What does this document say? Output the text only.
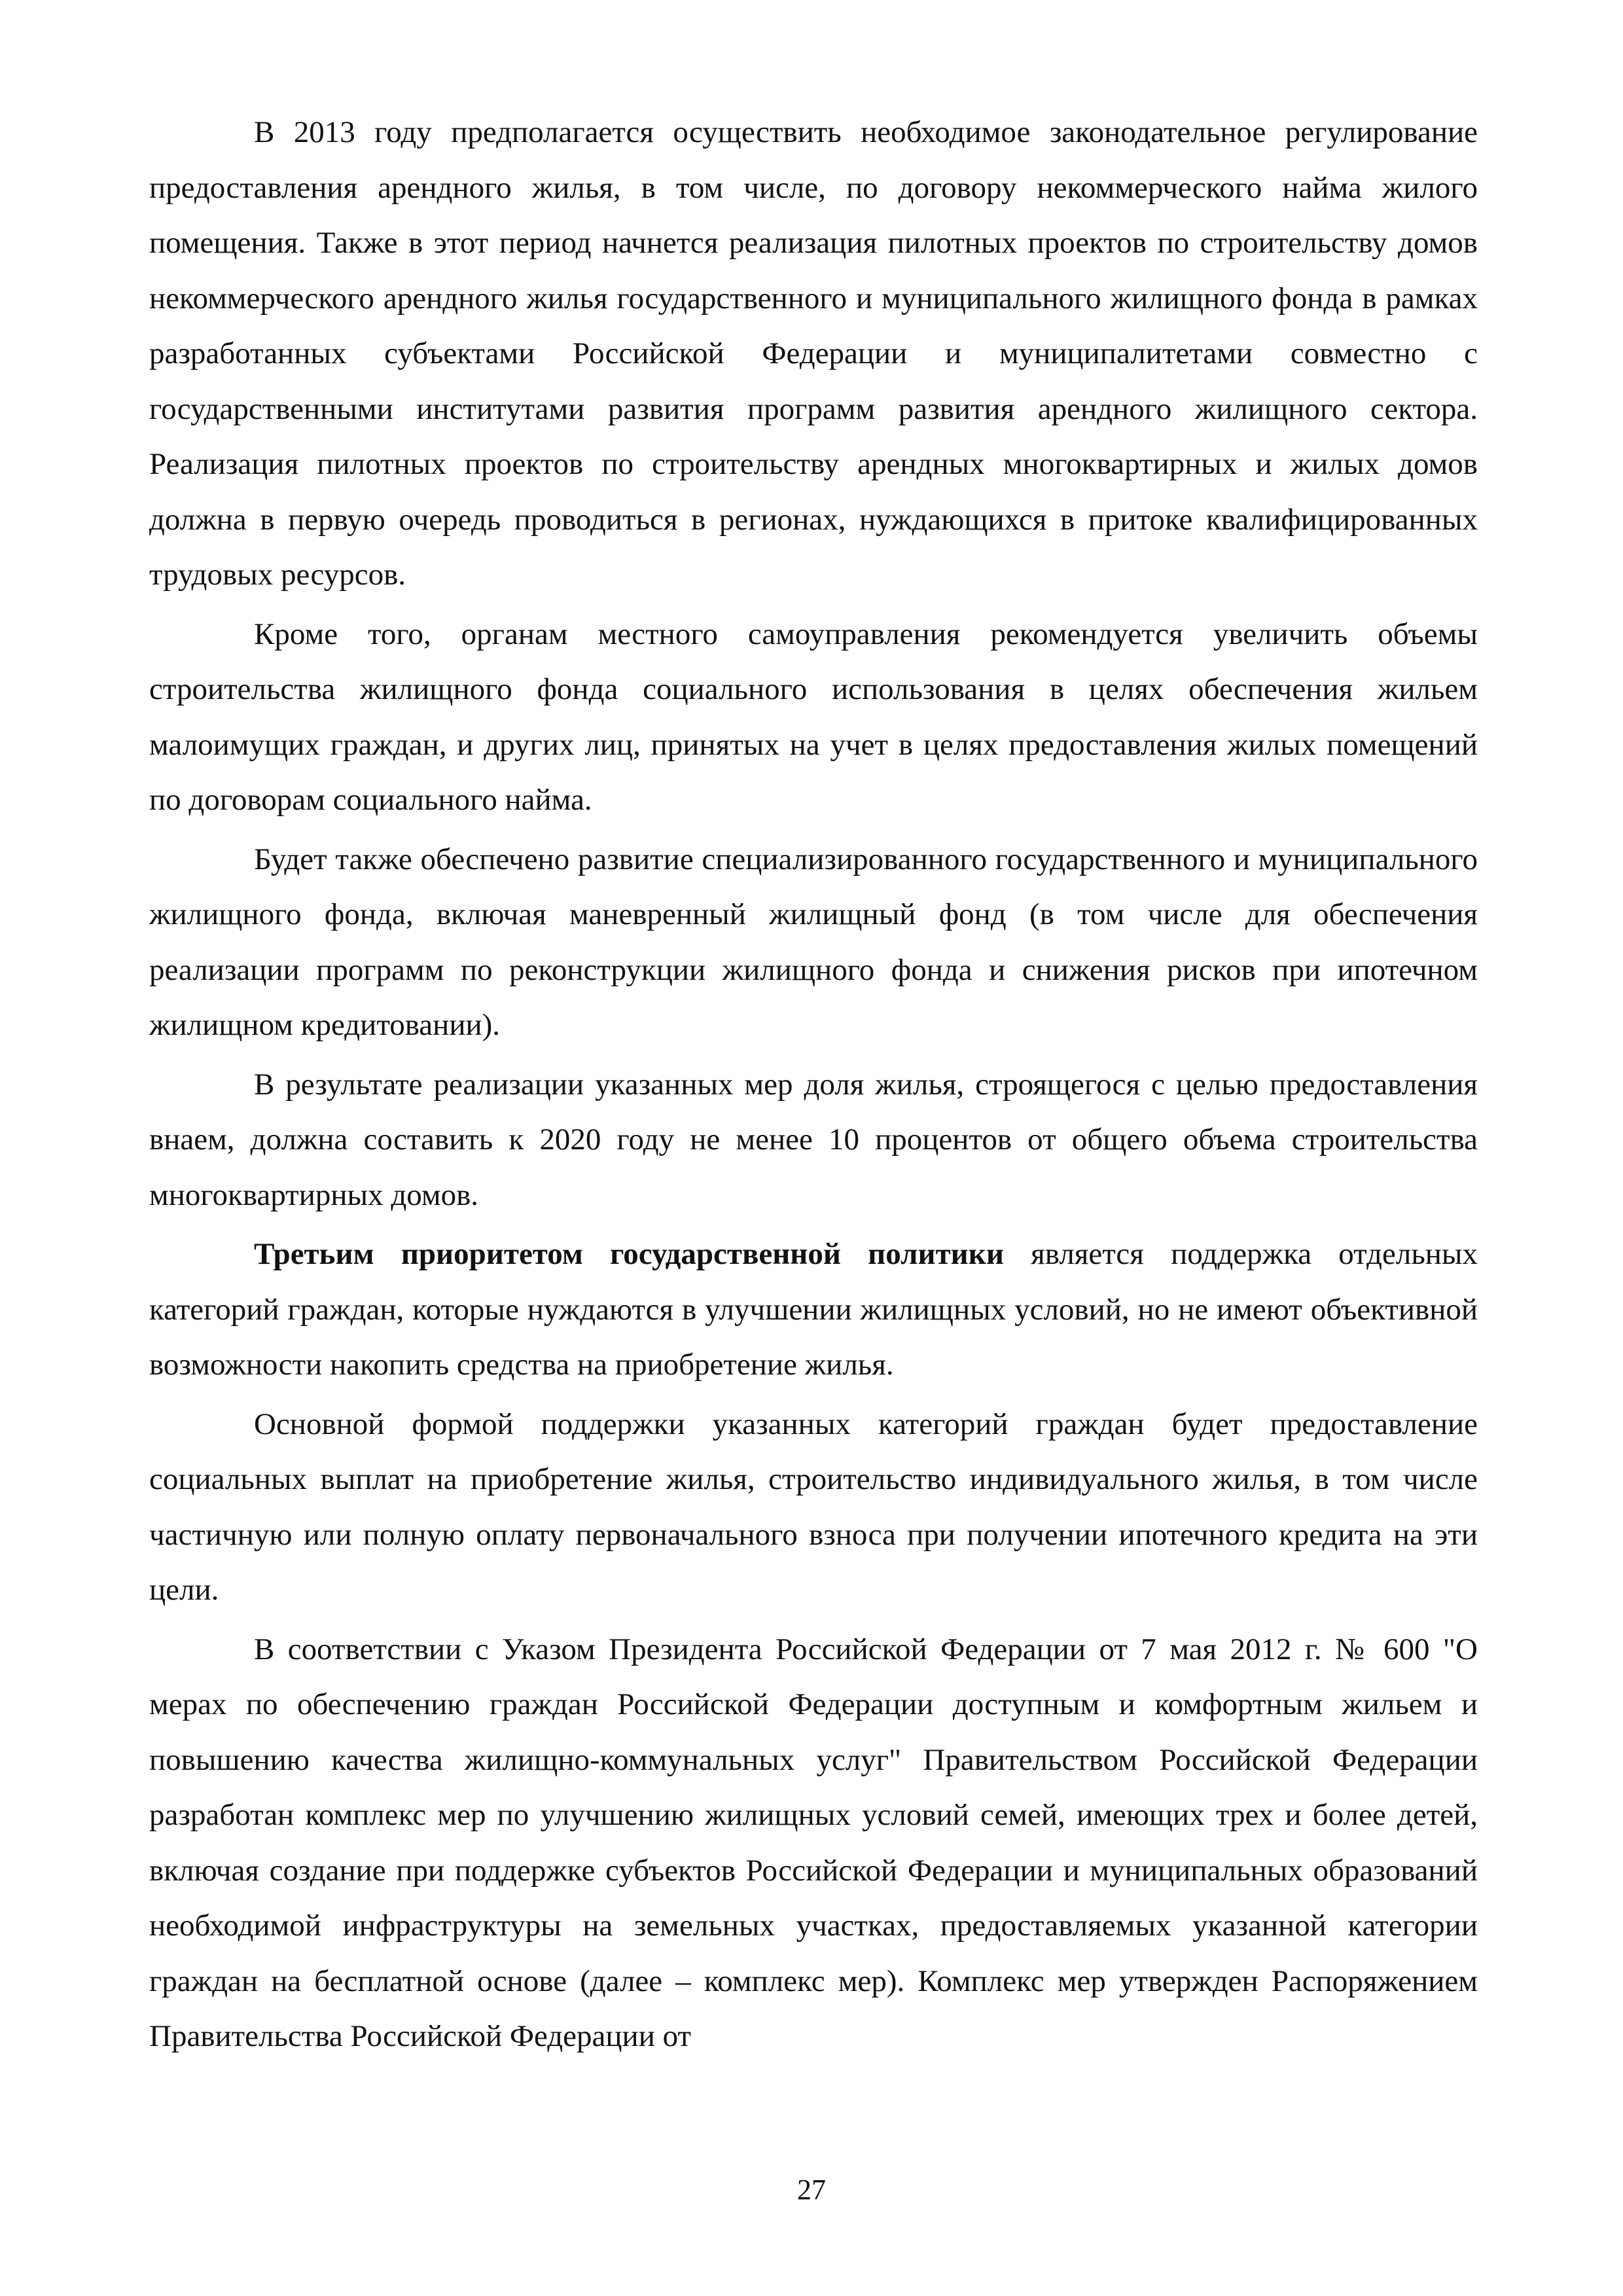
В 2013 году предполагается осуществить необходимое законодательное регулирование предоставления арендного жилья, в том числе, по договору некоммерческого найма жилого помещения. Также в этот период начнется реализация пилотных проектов по строительству домов некоммерческого арендного жилья государственного и муниципального жилищного фонда в рамках разработанных субъектами Российской Федерации и муниципалитетами совместно с государственными институтами развития программ развития арендного жилищного сектора. Реализация пилотных проектов по строительству арендных многоквартирных и жилых домов должна в первую очередь проводиться в регионах, нуждающихся в притоке квалифицированных трудовых ресурсов.

Кроме того, органам местного самоуправления рекомендуется увеличить объемы строительства жилищного фонда социального использования в целях обеспечения жильем малоимущих граждан, и других лиц, принятых на учет в целях предоставления жилых помещений по договорам социального найма.

Будет также обеспечено развитие специализированного государственного и муниципального жилищного фонда, включая маневренный жилищный фонд (в том числе для обеспечения реализации программ по реконструкции жилищного фонда и снижения рисков при ипотечном жилищном кредитовании).

В результате реализации указанных мер доля жилья, строящегося с целью предоставления внаем, должна составить к 2020 году не менее 10 процентов от общего объема строительства многоквартирных домов.

Третьим приоритетом государственной политики является поддержка отдельных категорий граждан, которые нуждаются в улучшении жилищных условий, но не имеют объективной возможности накопить средства на приобретение жилья.

Основной формой поддержки указанных категорий граждан будет предоставление социальных выплат на приобретение жилья, строительство индивидуального жилья, в том числе частичную или полную оплату первоначального взноса при получении ипотечного кредита на эти цели.

В соответствии с Указом Президента Российской Федерации от 7 мая 2012 г. № 600 "О мерах по обеспечению граждан Российской Федерации доступным и комфортным жильем и повышению качества жилищно-коммунальных услуг" Правительством Российской Федерации разработан комплекс мер по улучшению жилищных условий семей, имеющих трех и более детей, включая создание при поддержке субъектов Российской Федерации и муниципальных образований необходимой инфраструктуры на земельных участках, предоставляемых указанной категории граждан на бесплатной основе (далее – комплекс мер). Комплекс мер утвержден Распоряжением Правительства Российской Федерации от

27
